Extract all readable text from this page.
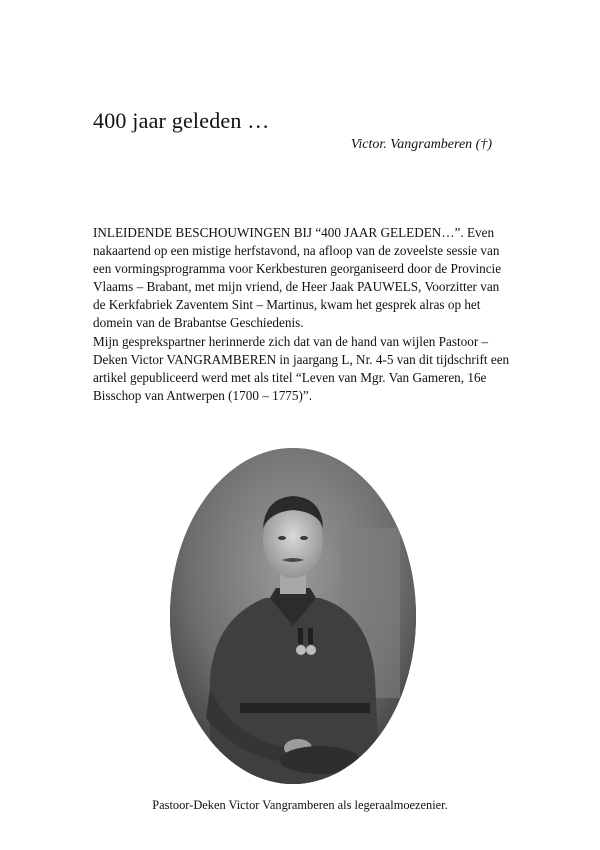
400 jaar geleden …
Victor. Vangramberen (†)

INLEIDENDE BESCHOUWINGEN BIJ “400 JAAR GELEDEN…”. Even nakaartend op een mistige herfstavond, na afloop van de zoveelste sessie van een vormingsprogramma voor Kerkbesturen georganiseerd door de Provincie Vlaams – Brabant, met mijn vriend, de Heer Jaak PAUWELS, Voorzitter van de Kerkfabriek Zaventem Sint – Martinus, kwam het gesprek alras op het domein van de Brabantse Geschiedenis.

Mijn gesprekspartner herinnerde zich dat van de hand van wijlen Pastoor – Deken Victor VANGRAMBEREN in jaargang L, Nr. 4-5 van dit tijdschrift een artikel gepubliceerd werd met als titel “Leven van Mgr. Van Gameren, 16e Bisschop van Antwerpen (1700 – 1775)”.

Pastoor-Deken Victor Vangramberen als legeraalmoezenier.
